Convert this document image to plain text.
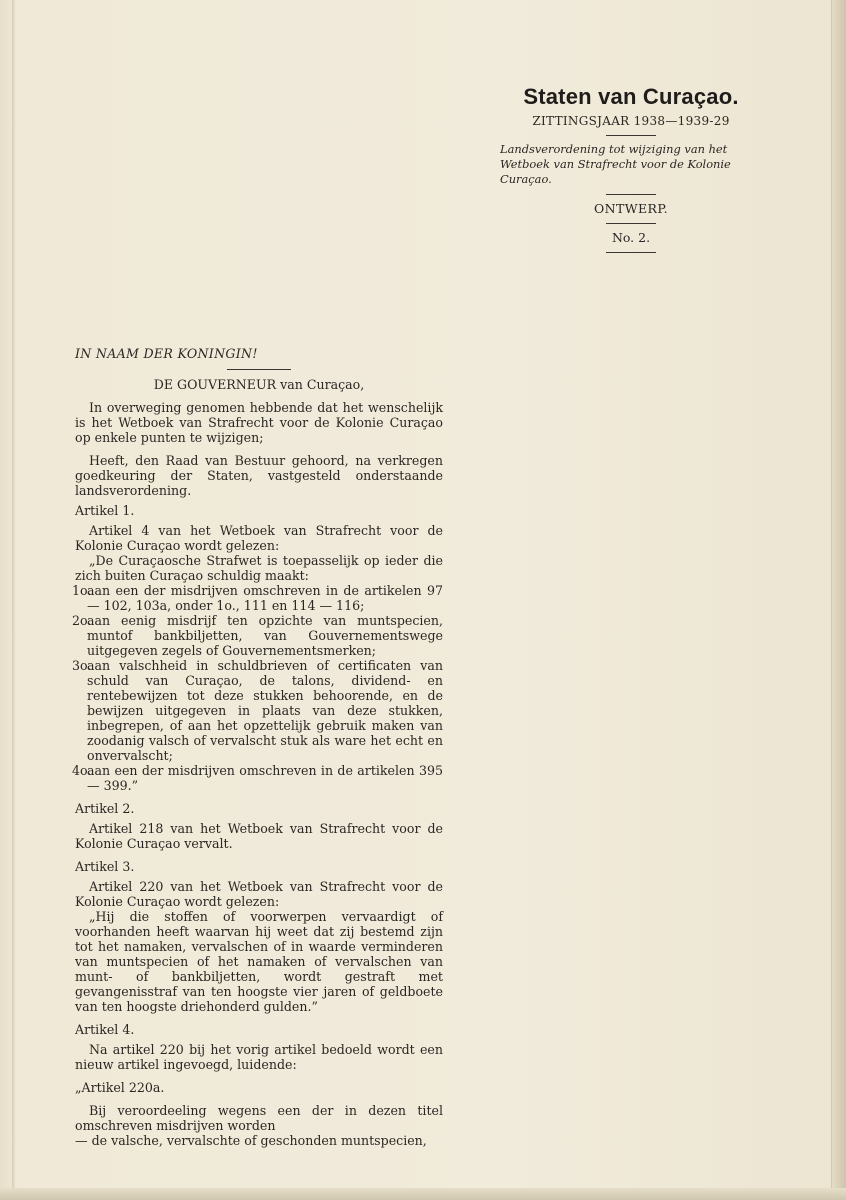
Staten van Curaçao.
ZITTINGSJAAR 1938—1939-29
Landsverordening tot wijziging van het Wetboek van Strafrecht voor de Kolonie Curaçao.
ONTWERP.
No. 2.

IN NAAM DER KONINGIN!

DE GOUVERNEUR van Curaçao,

In overweging genomen hebbende dat het wenschelijk is het Wetboek van Strafrecht voor de Kolonie Curaçao op enkele punten te wijzigen;

Heeft, den Raad van Bestuur gehoord, na verkregen goedkeuring der Staten, vastgesteld onderstaande landsverordening.

Artikel 1.

Artikel 4 van het Wetboek van Strafrecht voor de Kolonie Curaçao wordt gelezen:

„De Curaçaosche Strafwet is toepasselijk op ieder die zich buiten Curaçao schuldig maakt:

1o.
aan een der misdrijven omschreven in de artikelen 97 — 102, 103a, onder 1o., 111 en 114 — 116;
2o.
aan eenig misdrijf ten opzichte van muntspecien, muntof bankbiljetten, van Gouvernementswege uitgegeven zegels of Gouvernementsmerken;
3o.
aan valschheid in schuldbrieven of certificaten van schuld van Curaçao, de talons, dividend- en rentebewijzen tot deze stukken behoorende, en de bewijzen uitgegeven in plaats van deze stukken, inbegrepen, of aan het opzettelijk gebruik maken van zoodanig valsch of vervalscht stuk als ware het echt en onvervalscht;
4o.
aan een der misdrijven omschreven in de artikelen 395 — 399.”

Artikel 2.

Artikel 218 van het Wetboek van Strafrecht voor de Kolonie Curaçao vervalt.

Artikel 3.

Artikel 220 van het Wetboek van Strafrecht voor de Kolonie Curaçao wordt gelezen:

„Hij die stoffen of voorwerpen vervaardigt of voorhanden heeft waarvan hij weet dat zij bestemd zijn tot het namaken, vervalschen of in waarde verminderen van muntspecien of het namaken of vervalschen van munt- of bankbiljetten, wordt gestraft met gevangenisstraf van ten hoogste vier jaren of geldboete van ten hoogste driehonderd gulden.”

Artikel 4.

Na artikel 220 bij het vorig artikel bedoeld wordt een nieuw artikel ingevoegd, luidende:

„Artikel 220a.

Bij veroordeeling wegens een der in dezen titel omschreven misdrijven worden

— de valsche, vervalschte of geschonden muntspecien,
